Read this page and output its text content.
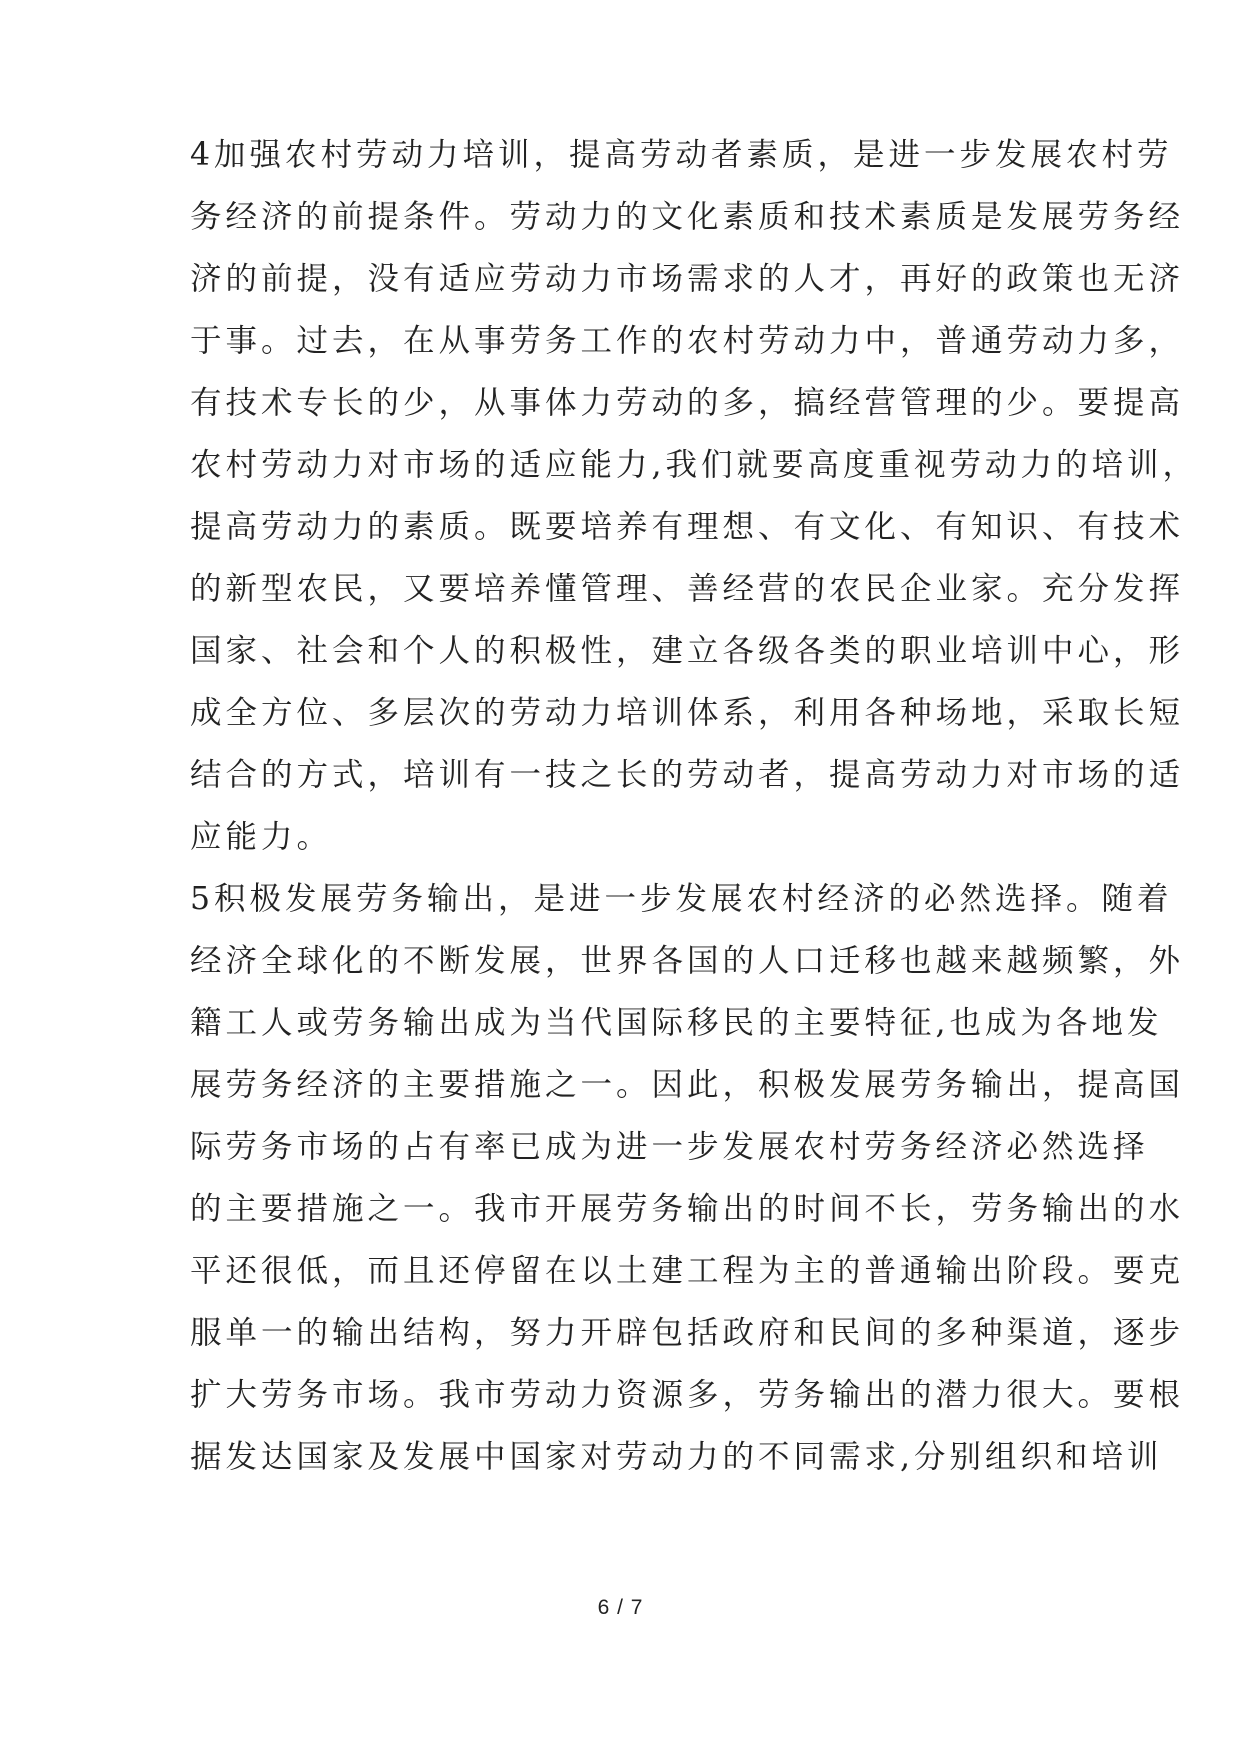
4加强农村劳动力培训，提高劳动者素质，是进一步发展农村劳
务经济的前提条件。劳动力的文化素质和技术素质是发展劳务经
济的前提，没有适应劳动力市场需求的人才，再好的政策也无济
于事。过去，在从事劳务工作的农村劳动力中，普通劳动力多，
有技术专长的少，从事体力劳动的多，搞经营管理的少。要提高
农村劳动力对市场的适应能力,我们就要高度重视劳动力的培训，
提高劳动力的素质。既要培养有理想、有文化、有知识、有技术
的新型农民，又要培养懂管理、善经营的农民企业家。充分发挥
国家、社会和个人的积极性，建立各级各类的职业培训中心，形
成全方位、多层次的劳动力培训体系，利用各种场地，采取长短
结合的方式，培训有一技之长的劳动者，提高劳动力对市场的适
应能力。
5积极发展劳务输出，是进一步发展农村经济的必然选择。随着
经济全球化的不断发展，世界各国的人口迁移也越来越频繁，外
籍工人或劳务输出成为当代国际移民的主要特征,也成为各地发
展劳务经济的主要措施之一。因此，积极发展劳务输出，提高国
际劳务市场的占有率已成为进一步发展农村劳务经济必然选择
的主要措施之一。我市开展劳务输出的时间不长，劳务输出的水
平还很低，而且还停留在以土建工程为主的普通输出阶段。要克
服单一的输出结构，努力开辟包括政府和民间的多种渠道，逐步
扩大劳务市场。我市劳动力资源多，劳务输出的潜力很大。要根
据发达国家及发展中国家对劳动力的不同需求,分别组织和培训
6 / 7
